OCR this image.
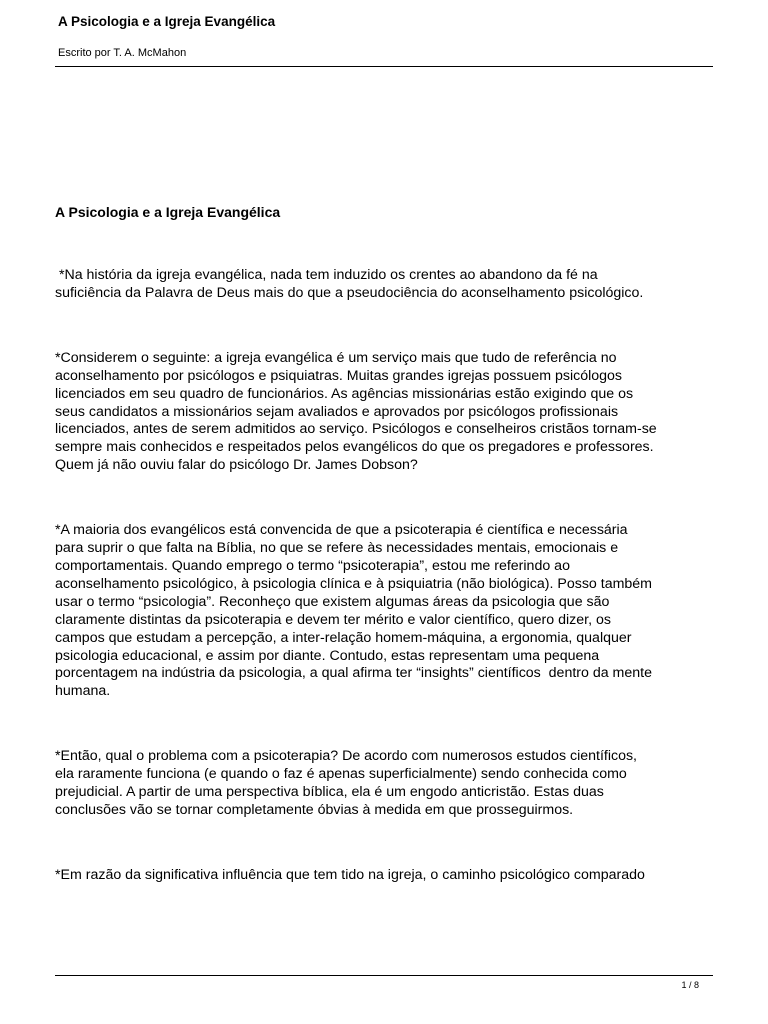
A Psicologia e a Igreja Evangélica
Escrito por T. A. McMahon
A Psicologia e a Igreja Evangélica

*Na história da igreja evangélica, nada tem induzido os crentes ao abandono da fé na
suficiência da Palavra de Deus mais do que a pseudociência do aconselhamento psicológico.

*Considerem o seguinte: a igreja evangélica é um serviço mais que tudo de referência no
aconselhamento por psicólogos e psiquiatras. Muitas grandes igrejas possuem psicólogos
licenciados em seu quadro de funcionários. As agências missionárias estão exigindo que os
seus candidatos a missionários sejam avaliados e aprovados por psicólogos profissionais
licenciados, antes de serem admitidos ao serviço. Psicólogos e conselheiros cristãos tornam-se
sempre mais conhecidos e respeitados pelos evangélicos do que os pregadores e professores.
Quem já não ouviu falar do psicólogo Dr. James Dobson?

*A maioria dos evangélicos está convencida de que a psicoterapia é científica e necessária
para suprir o que falta na Bíblia, no que se refere às necessidades mentais, emocionais e
comportamentais. Quando emprego o termo “psicoterapia”, estou me referindo ao
aconselhamento psicológico, à psicologia clínica e à psiquiatria (não biológica). Posso também
usar o termo “psicologia”. Reconheço que existem algumas áreas da psicologia que são
claramente distintas da psicoterapia e devem ter mérito e valor científico, quero dizer, os
campos que estudam a percepção, a inter-relação homem-máquina, a ergonomia, qualquer
psicologia educacional, e assim por diante. Contudo, estas representam uma pequena
porcentagem na indústria da psicologia, a qual afirma ter “insights” científicos  dentro da mente
humana.

*Então, qual o problema com a psicoterapia? De acordo com numerosos estudos científicos,
ela raramente funciona (e quando o faz é apenas superficialmente) sendo conhecida como
prejudicial. A partir de uma perspectiva bíblica, ela é um engodo anticristão. Estas duas
conclusões vão se tornar completamente óbvias à medida em que prosseguirmos.

*Em razão da significativa influência que tem tido na igreja, o caminho psicológico comparado

1 / 8
